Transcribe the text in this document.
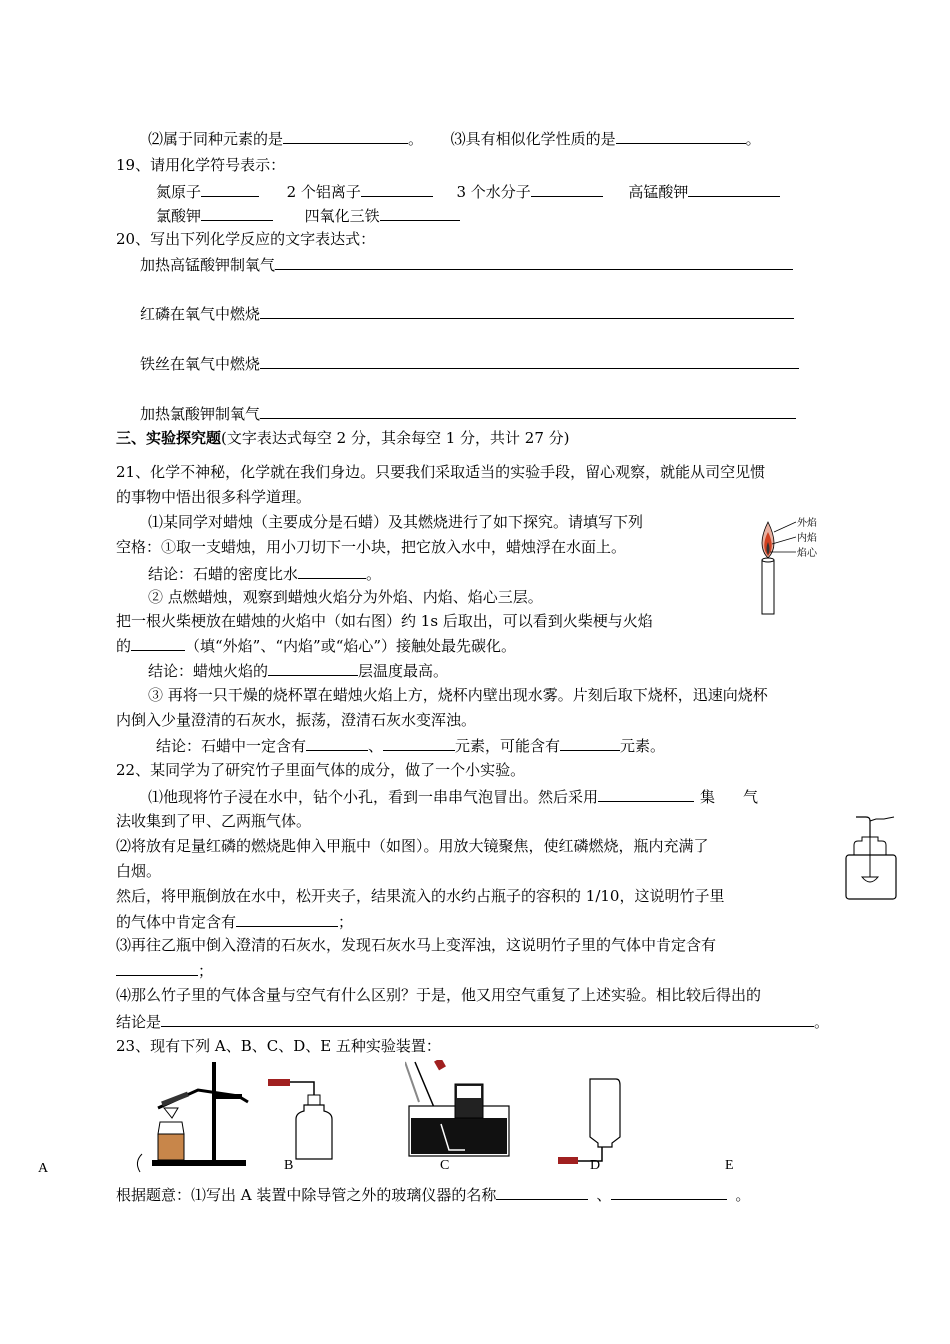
⑵属于同种元素的是	。 ⑶具有相似化学性质的是	。
19、请用化学符号表示：
氮原子	2 个铝离子	3 个水分子	高锰酸钾
氯酸钾	四氧化三铁
20、写出下列化学反应的文字表达式：
加热高锰酸钾制氧气
红磷在氧气中燃烧
铁丝在氧气中燃烧
加热氯酸钾制氧气
三、实验探究题(文字表达式每空 2 分，其余每空 1 分，共计 27 分)
21、化学不神秘，化学就在我们身边。只要我们采取适当的实验手段，留心观察，就能从司空见惯
的事物中悟出很多科学道理。
⑴某同学对蜡烛（主要成分是石蜡）及其燃烧进行了如下探究。请填写下列
空格：①取一支蜡烛，用小刀切下一小块，把它放入水中，蜡烛浮在水面上。
结论：石蜡的密度比水	。
② 点燃蜡烛，观察到蜡烛火焰分为外焰、内焰、焰心三层。
把一根火柴梗放在蜡烛的火焰中（如右图）约 1s 后取出，可以看到火柴梗与火焰
的	（填“外焰”、“内焰”或“焰心”）接触处最先碳化。
结论：蜡烛火焰的	层温度最高。
③ 再将一只干燥的烧杯罩在蜡烛火焰上方，烧杯内壁出现水雾。片刻后取下烧杯，迅速向烧杯
内倒入少量澄清的石灰水，振荡，澄清石灰水变浑浊。
结论：石蜡中一定含有	、	元素，可能含有	元素。
外焰
内焰
焰心
22、某同学为了研究竹子里面气体的成分，做了一个小实验。
⑴他现将竹子浸在水中，钻个小孔，看到一串串气泡冒出。然后采用	集 气
法收集到了甲、乙两瓶气体。
⑵将放有足量红磷的燃烧匙伸入甲瓶中（如图）。用放大镜聚焦，使红磷燃烧，瓶内充满了
白烟。
然后，将甲瓶倒放在水中，松开夹子，结果流入的水约占瓶子的容积的 1/10，这说明竹子里
的气体中肯定含有	；
⑶再往乙瓶中倒入澄清的石灰水，发现石灰水马上变浑浊，这说明竹子里的气体中肯定含有
；
⑷那么竹子里的气体含量与空气有什么区别？于是，他又用空气重复了上述实验。相比较后得出的
结论是	。
23、现有下列 A、B、C、D、E 五种实验装置：
A	B	C	D	E
根据题意：⑴写出 A 装置中除导管之外的玻璃仪器的名称	、	。
